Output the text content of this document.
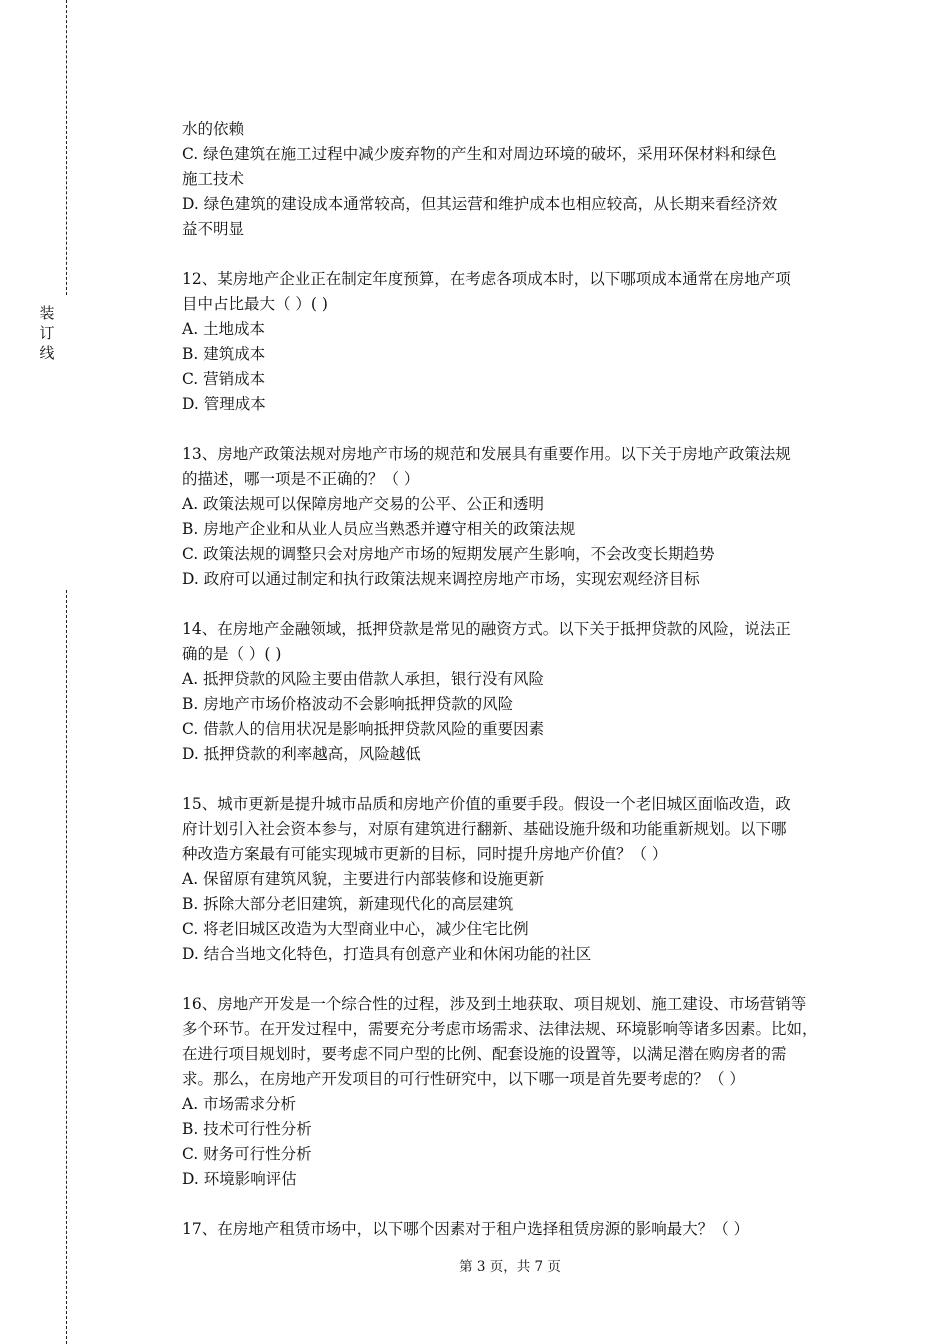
装
订
线
水的依赖
C. 绿色建筑在施工过程中减少废弃物的产生和对周边环境的破坏，采用环保材料和绿色
施工技术
D. 绿色建筑的建设成本通常较高，但其运营和维护成本也相应较高，从长期来看经济效
益不明显
12、某房地产企业正在制定年度预算，在考虑各项成本时，以下哪项成本通常在房地产项
目中占比最大（ ）( )
A. 土地成本
B. 建筑成本
C. 营销成本
D. 管理成本
13、房地产政策法规对房地产市场的规范和发展具有重要作用。以下关于房地产政策法规
的描述，哪一项是不正确的？（ ）
A. 政策法规可以保障房地产交易的公平、公正和透明
B. 房地产企业和从业人员应当熟悉并遵守相关的政策法规
C. 政策法规的调整只会对房地产市场的短期发展产生影响，不会改变长期趋势
D. 政府可以通过制定和执行政策法规来调控房地产市场，实现宏观经济目标
14、在房地产金融领域，抵押贷款是常见的融资方式。以下关于抵押贷款的风险，说法正
确的是（ ）( )
A. 抵押贷款的风险主要由借款人承担，银行没有风险
B. 房地产市场价格波动不会影响抵押贷款的风险
C. 借款人的信用状况是影响抵押贷款风险的重要因素
D. 抵押贷款的利率越高，风险越低
15、城市更新是提升城市品质和房地产价值的重要手段。假设一个老旧城区面临改造，政
府计划引入社会资本参与，对原有建筑进行翻新、基础设施升级和功能重新规划。以下哪
种改造方案最有可能实现城市更新的目标，同时提升房地产价值？（ ）
A. 保留原有建筑风貌，主要进行内部装修和设施更新
B. 拆除大部分老旧建筑，新建现代化的高层建筑
C. 将老旧城区改造为大型商业中心，减少住宅比例
D. 结合当地文化特色，打造具有创意产业和休闲功能的社区
16、房地产开发是一个综合性的过程，涉及到土地获取、项目规划、施工建设、市场营销等
多个环节。在开发过程中，需要充分考虑市场需求、法律法规、环境影响等诸多因素。比如，
在进行项目规划时，要考虑不同户型的比例、配套设施的设置等，以满足潜在购房者的需
求。那么，在房地产开发项目的可行性研究中，以下哪一项是首先要考虑的？（ ）
A. 市场需求分析
B. 技术可行性分析
C. 财务可行性分析
D. 环境影响评估
17、在房地产租赁市场中，以下哪个因素对于租户选择租赁房源的影响最大？（ ）
第 3 页，共 7 页
